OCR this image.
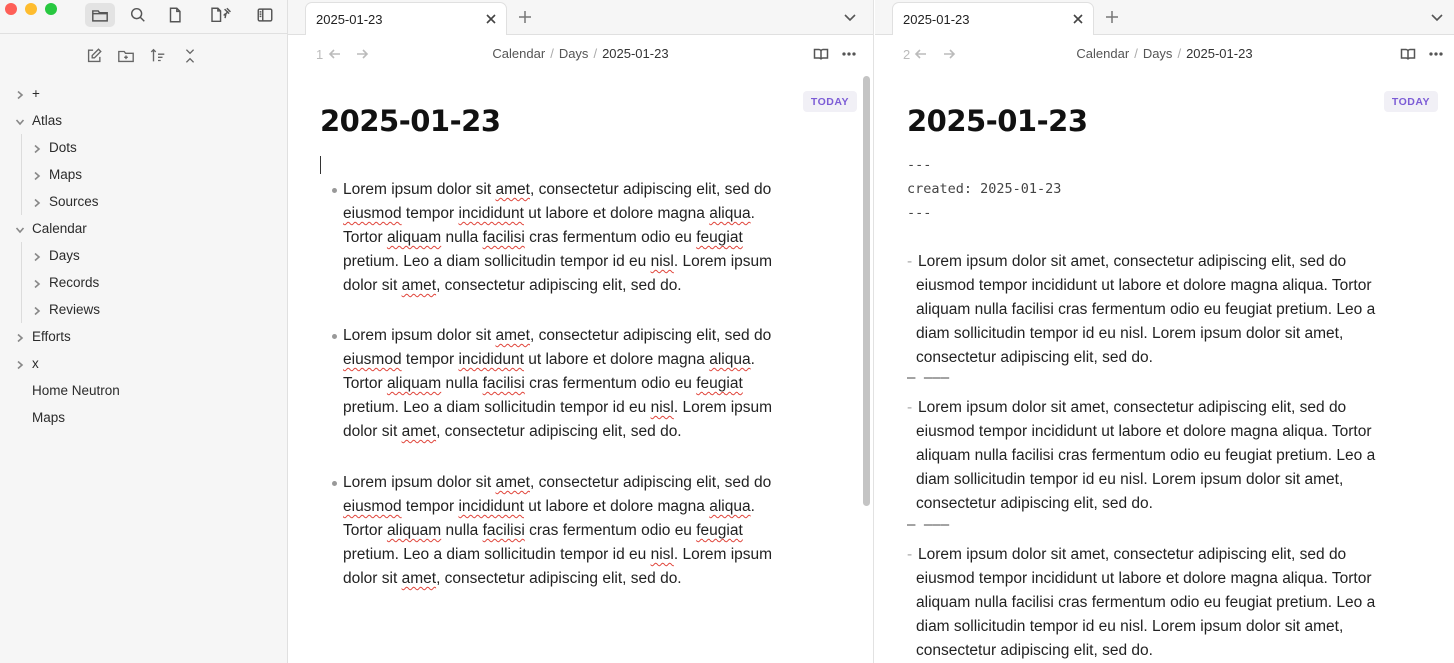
+
Atlas
Dots
Maps
Sources
Calendar
Days
Records
Reviews
Efforts
x
Home Neutron
Maps
2025-01-23
1	Calendar / Days / 2025-01-23
TODAY
2025-01-23
Lorem ipsum dolor sit amet, consectetur adipiscing elit, sed do
eiusmod tempor incididunt ut labore et dolore magna aliqua.
Tortor aliquam nulla facilisi cras fermentum odio eu feugiat
pretium. Leo a diam sollicitudin tempor id eu nisl. Lorem ipsum
dolor sit amet, consectetur adipiscing elit, sed do.
Lorem ipsum dolor sit amet, consectetur adipiscing elit, sed do
eiusmod tempor incididunt ut labore et dolore magna aliqua.
Tortor aliquam nulla facilisi cras fermentum odio eu feugiat
pretium. Leo a diam sollicitudin tempor id eu nisl. Lorem ipsum
dolor sit amet, consectetur adipiscing elit, sed do.
Lorem ipsum dolor sit amet, consectetur adipiscing elit, sed do
eiusmod tempor incididunt ut labore et dolore magna aliqua.
Tortor aliquam nulla facilisi cras fermentum odio eu feugiat
pretium. Leo a diam sollicitudin tempor id eu nisl. Lorem ipsum
dolor sit amet, consectetur adipiscing elit, sed do.
2025-01-23
2	Calendar / Days / 2025-01-23
TODAY
2025-01-23
---
created: 2025-01-23
---
- Lorem ipsum dolor sit amet, consectetur adipiscing elit, sed do
eiusmod tempor incididunt ut labore et dolore magna aliqua. Tortor
aliquam nulla facilisi cras fermentum odio eu feugiat pretium. Leo a
diam sollicitudin tempor id eu nisl. Lorem ipsum dolor sit amet,
consectetur adipiscing elit, sed do.
- Lorem ipsum dolor sit amet, consectetur adipiscing elit, sed do
eiusmod tempor incididunt ut labore et dolore magna aliqua. Tortor
aliquam nulla facilisi cras fermentum odio eu feugiat pretium. Leo a
diam sollicitudin tempor id eu nisl. Lorem ipsum dolor sit amet,
consectetur adipiscing elit, sed do.
- Lorem ipsum dolor sit amet, consectetur adipiscing elit, sed do
eiusmod tempor incididunt ut labore et dolore magna aliqua. Tortor
aliquam nulla facilisi cras fermentum odio eu feugiat pretium. Leo a
diam sollicitudin tempor id eu nisl. Lorem ipsum dolor sit amet,
consectetur adipiscing elit, sed do.
– –––
– –––
